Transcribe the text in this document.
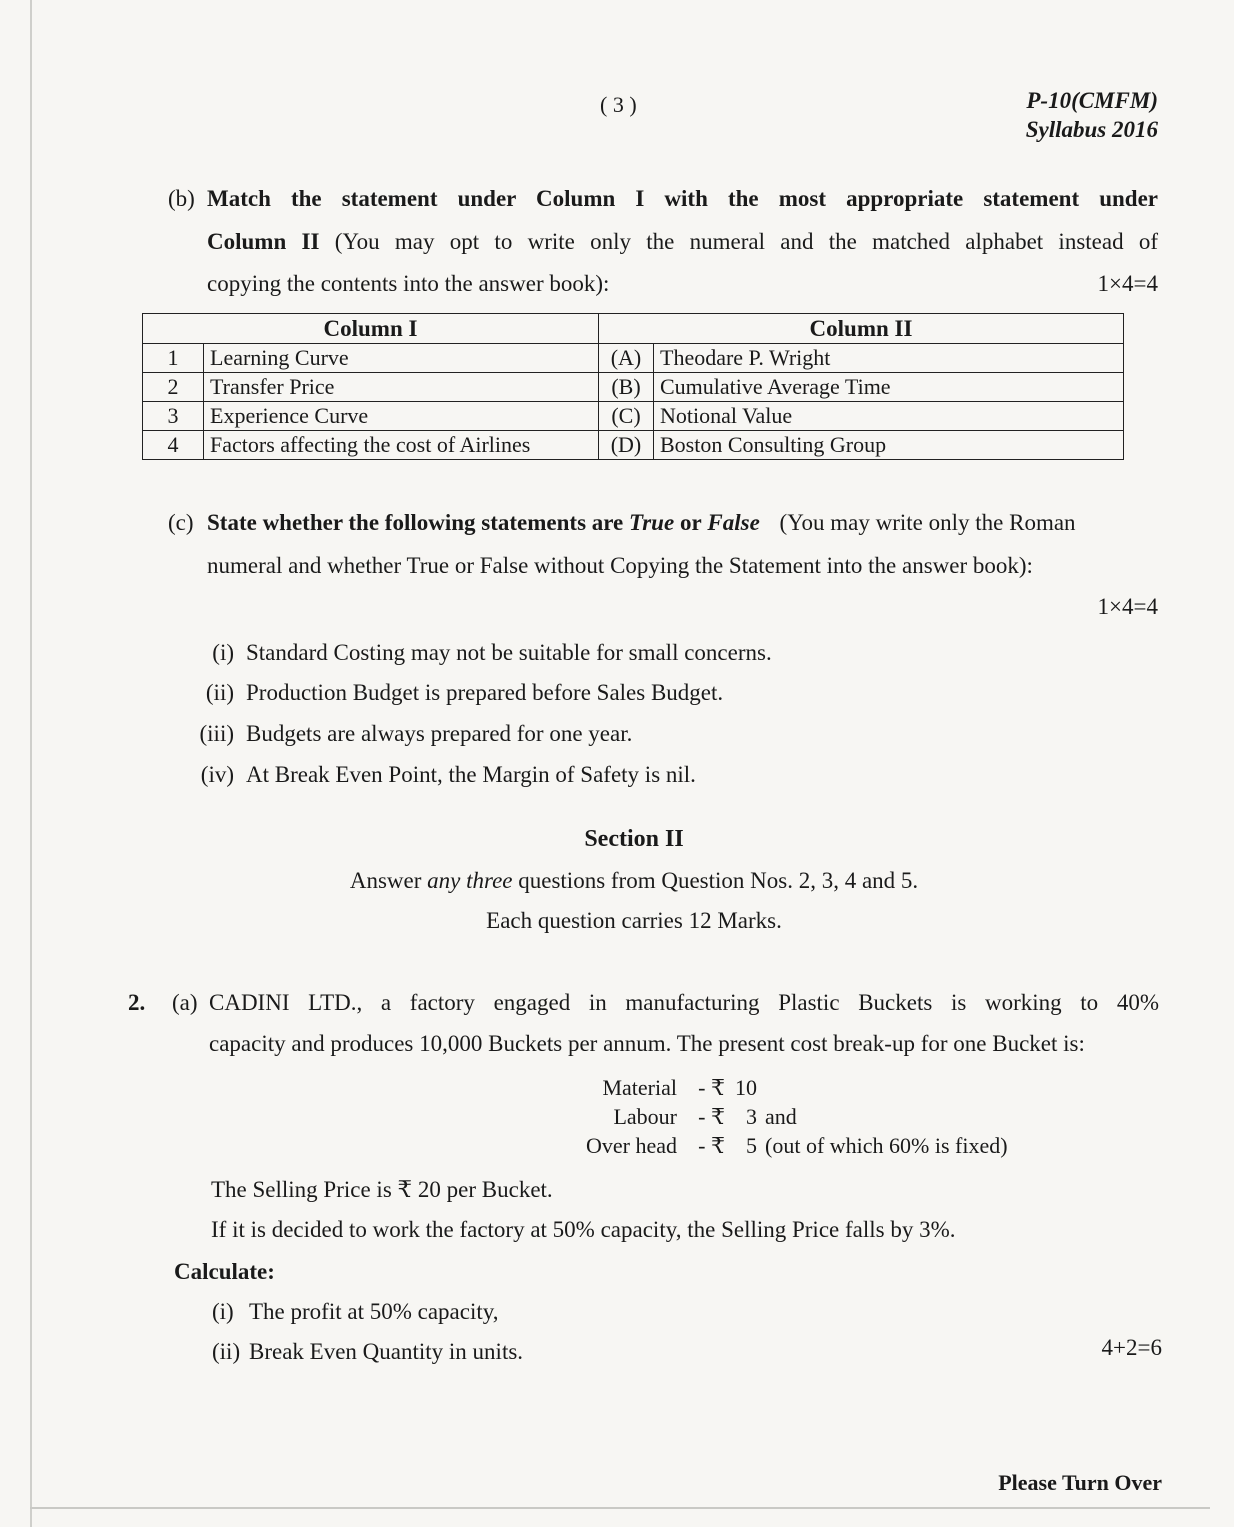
( 3 )	P-10(CMFM)
Syllabus 2016
(b) Match the statement under Column I with the most appropriate statement under
Column II (You may opt to write only the numeral and the matched alphabet instead of
copying the contents into the answer book):	1×4=4
Column I		Column II	
1	Learning Curve	(A)	Theodare P. Wright
2	Transfer Price	(B)	Cumulative Average Time
3	Experience Curve	(C)	Notional Value
4	Factors affecting the cost of Airlines	(D)	Boston Consulting Group
(c) State whether the following statements are True or False (You may write only the Roman
numeral and whether True or False without Copying the Statement into the answer book):
1×4=4
(i) Standard Costing may not be suitable for small concerns.
(ii) Production Budget is prepared before Sales Budget.
(iii) Budgets are always prepared for one year.
(iv) At Break Even Point, the Margin of Safety is nil.
Section II
Answer any three questions from Question Nos. 2, 3, 4 and 5.
Each question carries 12 Marks.
2. (a) CADINI LTD., a factory engaged in manufacturing Plastic Buckets is working to 40%
capacity and produces 10,000 Buckets per annum. The present cost break-up for one Bucket is:
Material - ₹ 10
Labour - ₹ 3 and
Over head - ₹ 5 (out of which 60% is fixed)
The Selling Price is ₹ 20 per Bucket.
If it is decided to work the factory at 50% capacity, the Selling Price falls by 3%.
Calculate:
(i) The profit at 50% capacity,
(ii) Break Even Quantity in units.	4+2=6
Please Turn Over
